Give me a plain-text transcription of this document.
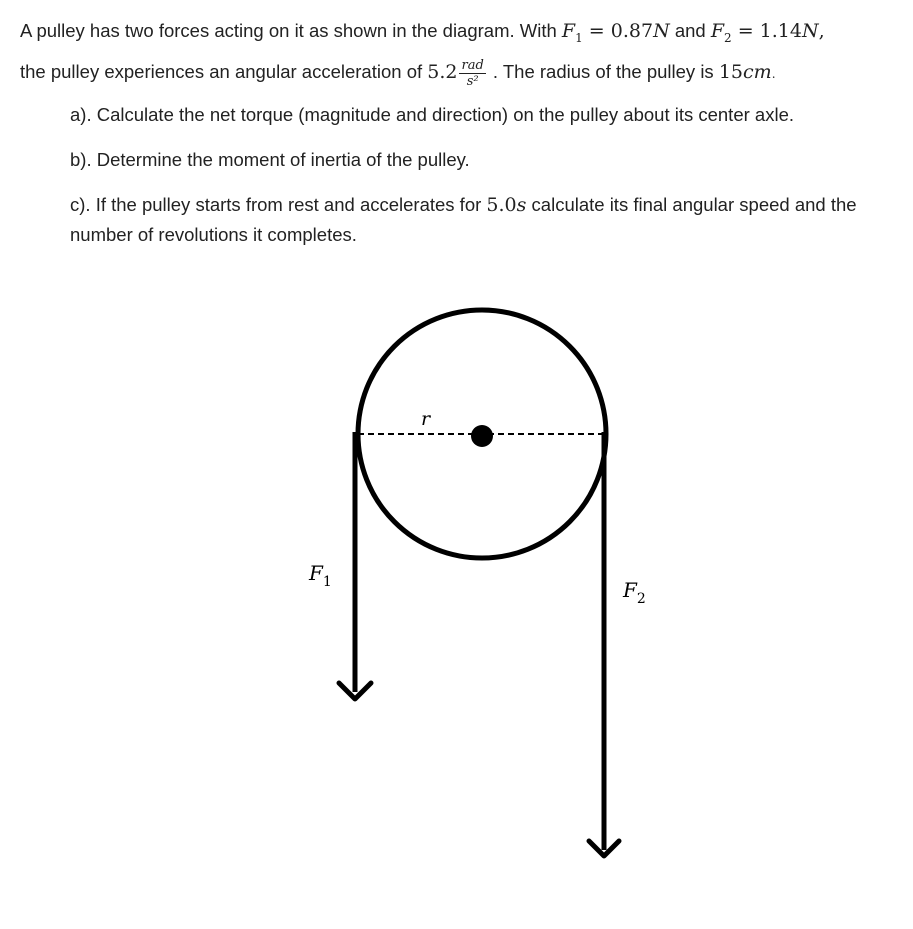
A pulley has two forces acting on it as shown in the diagram. With $F_1 = 0.87N$ and $F_2 = 1.14N$,

the pulley experiences an angular acceleration of $5.2 \frac{\text{rad}}{\text{s²}}$ . The radius of the pulley is 15cm.

a). Calculate the net torque (magnitude and direction) on the pulley about its center axle.

b). Determine the moment of inertia of the pulley.

c). If the pulley starts from rest and accelerates for 5.0s calculate its final angular speed and the number of revolutions it completes.

r
$F_1$	$F_2$
